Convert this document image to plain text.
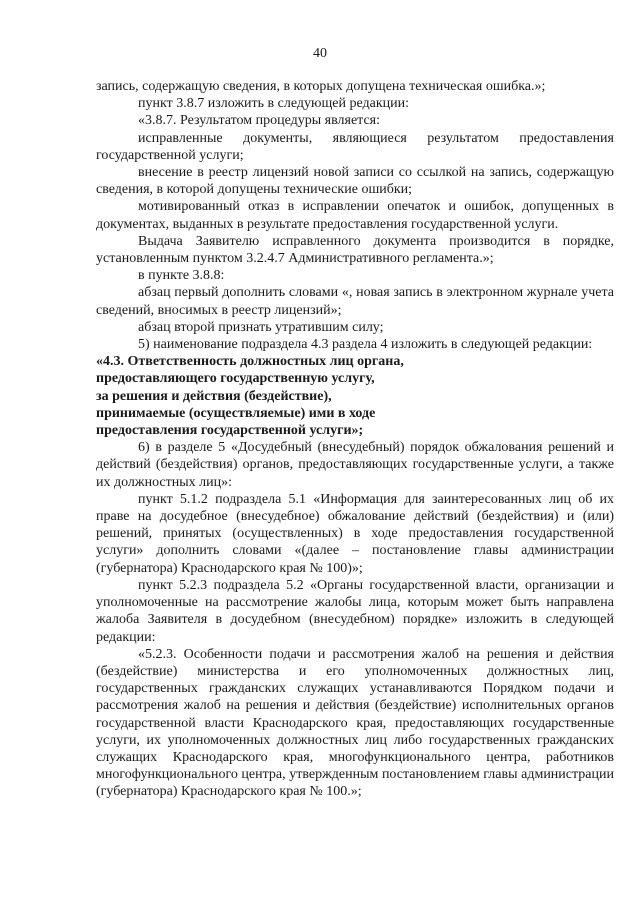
40

запись, содержащую сведения, в которых допущена техническая ошибка.»;

пункт 3.8.7 изложить в следующей редакции:

«3.8.7. Результатом процедуры является:

исправленные документы, являющиеся результатом предоставления государственной услуги;

внесение в реестр лицензий новой записи со ссылкой на запись, содержащую сведения, в которой допущены технические ошибки;

мотивированный отказ в исправлении опечаток и ошибок, допущенных в документах, выданных в результате предоставления государственной услуги.

Выдача Заявителю исправленного документа производится в порядке, установленным пунктом 3.2.4.7 Административного регламента.»;

в пункте 3.8.8:

абзац первый дополнить словами «, новая запись в электронном журнале учета сведений, вносимых в реестр лицензий»;

абзац второй признать утратившим силу;

5) наименование подраздела 4.3 раздела 4 изложить в следующей редакции:

«4.3. Ответственность должностных лиц органа,

предоставляющего государственную услугу,

за решения и действия (бездействие),

принимаемые (осуществляемые) ими в ходе

предоставления государственной услуги»;

6) в разделе 5 «Досудебный (внесудебный) порядок обжалования решений и действий (бездействия) органов, предоставляющих государственные услуги, а также их должностных лиц»:

пункт 5.1.2 подраздела 5.1 «Информация для заинтересованных лиц об их праве на досудебное (внесудебное) обжалование действий (бездействия) и (или) решений, принятых (осуществленных) в ходе предоставления государственной услуги» дополнить словами «(далее – постановление главы администрации (губернатора) Краснодарского края № 100)»;

пункт 5.2.3 подраздела 5.2 «Органы государственной власти, организации и уполномоченные на рассмотрение жалобы лица, которым может быть направлена жалоба Заявителя в досудебном (внесудебном) порядке» изложить в следующей редакции:

«5.2.3. Особенности подачи и рассмотрения жалоб на решения и действия (бездействие) министерства и его уполномоченных должностных лиц, государственных гражданских служащих устанавливаются Порядком подачи и рассмотрения жалоб на решения и действия (бездействие) исполнительных органов государственной власти Краснодарского края, предоставляющих государственные услуги, их уполномоченных должностных лиц либо государственных гражданских служащих Краснодарского края, многофункционального центра, работников многофункционального центра, утвержденным постановлением главы администрации (губернатора) Краснодарского края № 100.»;
